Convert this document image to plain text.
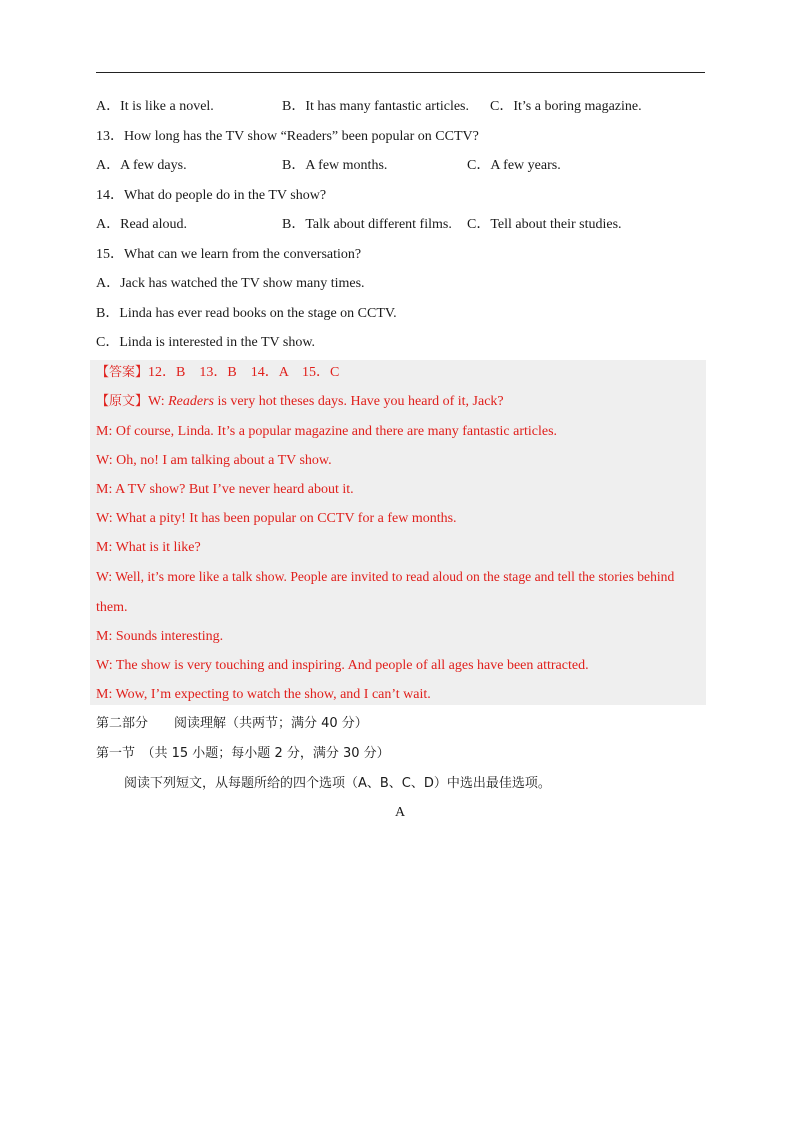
A．It is like a novel.	B．It has many fantastic articles. C．It’s a boring magazine.
13．How long has the TV show “Readers” been popular on CCTV?
A．A few days.	B．A few months.	C．A few years.
14．What do people do in the TV show?
A．Read aloud.	B．Talk about different films. C．Tell about their studies.
15．What can we learn from the conversation?
A．Jack has watched the TV show many times.
B．Linda has ever read books on the stage on CCTV.
C．Linda is interested in the TV show.
【答案】12．B　13．B　14．A　15．C
【原文】W: Readers is very hot theses days. Have you heard of it, Jack?
M: Of course, Linda. It’s a popular magazine and there are many fantastic articles.
W: Oh, no! I am talking about a TV show.
M: A TV show? But I’ve never heard about it.
W: What a pity! It has been popular on CCTV for a few months.
M: What is it like?
W: Well, it’s more like a talk show. People are invited to read aloud on the stage and tell the stories behind
them.
M: Sounds interesting.
W: The show is very touching and inspiring. And people of all ages have been attracted.
M: Wow, I’m expecting to watch the show, and I can’t wait.
第二部分　　阅读理解（共两节；满分 40 分）
第一节　（共 15 小题；每小题 2 分，满分 30 分）
阅读下列短文，从每题所给的四个选项（A、B、C、D）中选出最佳选项。
A
